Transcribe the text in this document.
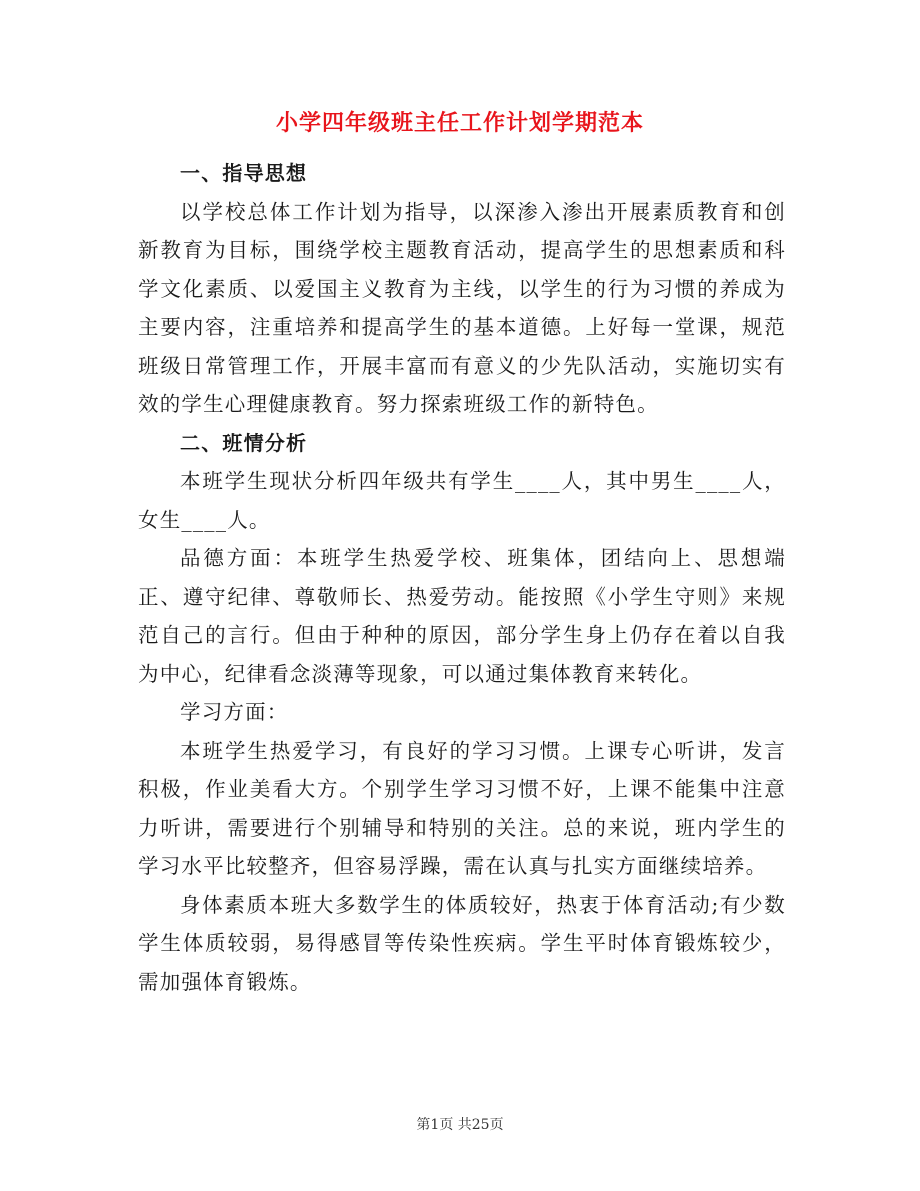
小学四年级班主任工作计划学期范本

一、指导思想

以学校总体工作计划为指导，以深渗入渗出开展素质教育和创新教育为目标，围绕学校主题教育活动，提高学生的思想素质和科学文化素质、以爱国主义教育为主线，以学生的行为习惯的养成为主要内容，注重培养和提高学生的基本道德。上好每一堂课，规范班级日常管理工作，开展丰富而有意义的少先队活动，实施切实有效的学生心理健康教育。努力探索班级工作的新特色。

二、班情分析

本班学生现状分析四年级共有学生____人，其中男生____人，女生____人。

品德方面：本班学生热爱学校、班集体，团结向上、思想端正、遵守纪律、尊敬师长、热爱劳动。能按照《小学生守则》来规范自己的言行。但由于种种的原因，部分学生身上仍存在着以自我为中心，纪律看念淡薄等现象，可以通过集体教育来转化。

学习方面：

本班学生热爱学习，有良好的学习习惯。上课专心听讲，发言积极，作业美看大方。个别学生学习习惯不好，上课不能集中注意力听讲，需要进行个别辅导和特别的关注。总的来说，班内学生的学习水平比较整齐，但容易浮躁，需在认真与扎实方面继续培养。

身体素质本班大多数学生的体质较好，热衷于体育活动;有少数学生体质较弱，易得感冒等传染性疾病。学生平时体育锻炼较少，需加强体育锻炼。

第1页 共25页
